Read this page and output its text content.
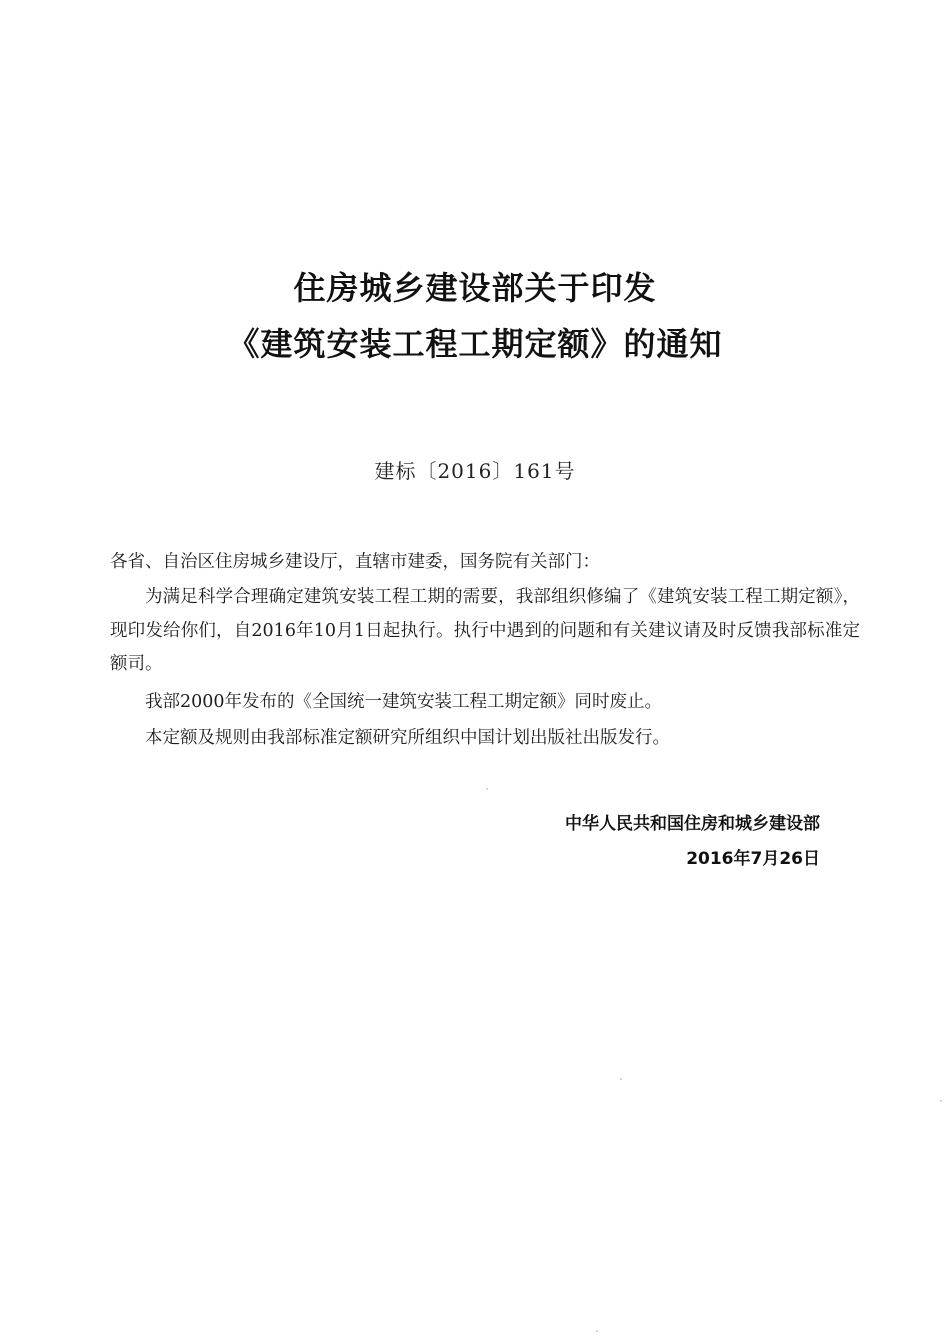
住房城乡建设部关于印发
《建筑安装工程工期定额》的通知
建标〔2016〕161号
各省、自治区住房城乡建设厅，直辖市建委，国务院有关部门：
为满足科学合理确定建筑安装工程工期的需要，我部组织修编了《建筑安装工程工期定额》，现印发给你们，自2016年10月1日起执行。执行中遇到的问题和有关建议请及时反馈我部标准定额司。
我部2000年发布的《全国统一建筑安装工程工期定额》同时废止。
本定额及规则由我部标准定额研究所组织中国计划出版社出版发行。
中华人民共和国住房和城乡建设部
2016年7月26日
